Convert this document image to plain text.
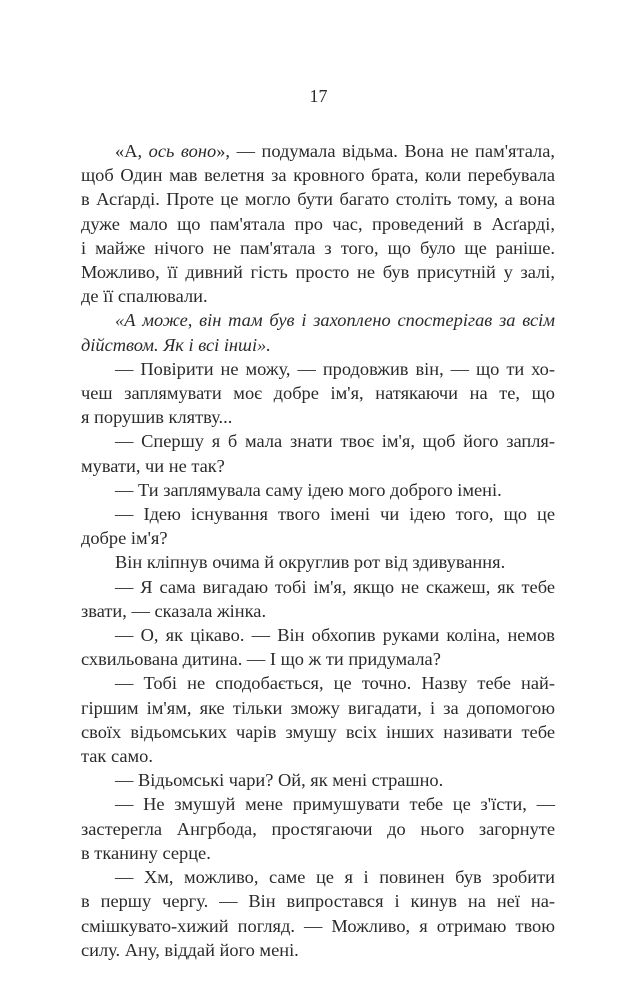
17
«А, ось воно», — подумала відьма. Вона не пам'ятала,
щоб Один мав велетня за кровного брата, коли перебувала
в Асґарді. Проте це могло бути багато століть тому, а вона
дуже мало що пам'ятала про час, проведений в Асґарді,
і майже нічого не пам'ятала з того, що було ще раніше.
Можливо, її дивний гість просто не був присутній у залі,
де її спалювали.
«А може, він там був і захоплено спостерігав за всім
дійством. Як і всі інші».
— Повірити не можу, — продовжив він, — що ти хо-
чеш заплямувати моє добре ім'я, натякаючи на те, що
я порушив клятву...
— Спершу я б мала знати твоє ім'я, щоб його запля-
мувати, чи не так?
— Ти заплямувала саму ідею мого доброго імені.
— Ідею існування твого імені чи ідею того, що це
добре ім'я?
Він кліпнув очима й округлив рот від здивування.
— Я сама вигадаю тобі ім'я, якщо не скажеш, як тебе
звати, — сказала жінка.
— О, як цікаво. — Він обхопив руками коліна, немов
схвильована дитина. — І що ж ти придумала?
— Тобі не сподобається, це точно. Назву тебе най-
гіршим ім'ям, яке тільки зможу вигадати, і за допомогою
своїх відьомських чарів змушу всіх інших називати тебе
так само.
— Відьомські чари? Ой, як мені страшно.
— Не змушуй мене примушувати тебе це з'їсти, —
застерегла Ангрбода, простягаючи до нього загорнуте
в тканину серце.
— Хм, можливо, саме це я і повинен був зробити
в першу чергу. — Він випростався і кинув на неї на-
смішкувато-хижий погляд. — Можливо, я отримаю твою
силу. Ану, віддай його мені.
